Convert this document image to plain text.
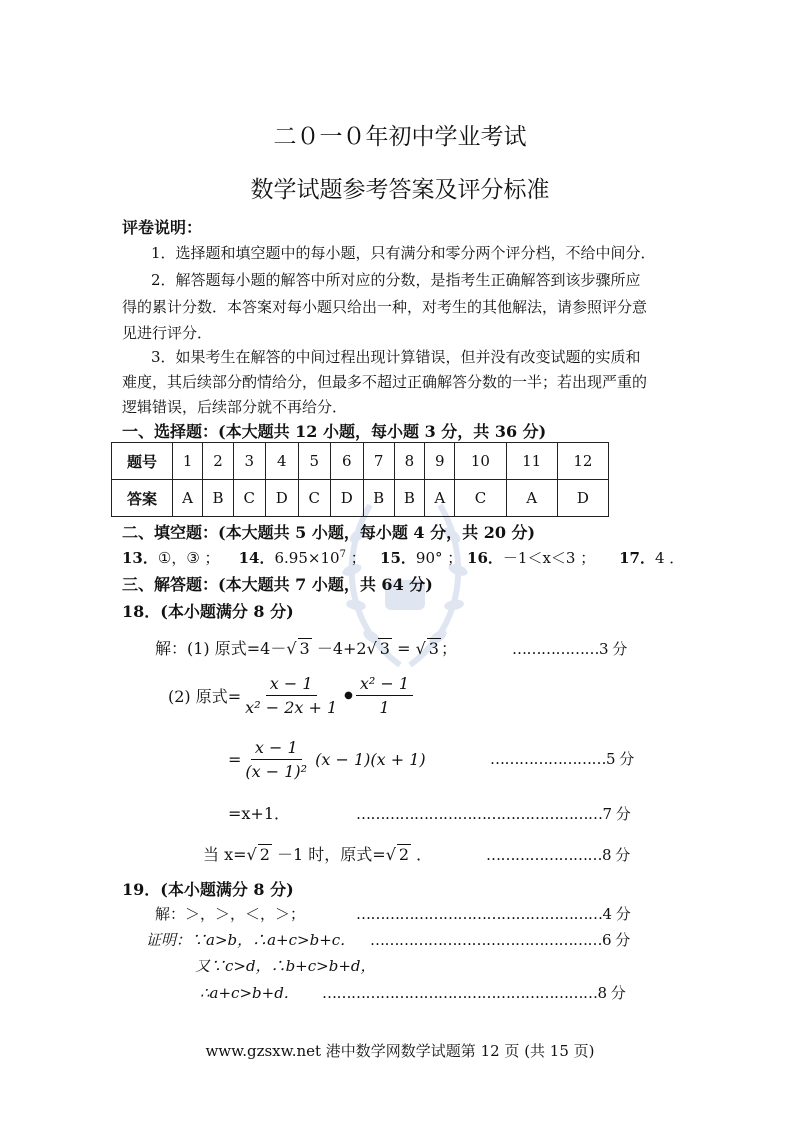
二０一０年初中学业考试
数学试题参考答案及评分标准
评卷说明：
1．选择题和填空题中的每小题，只有满分和零分两个评分档，不给中间分．
2．解答题每小题的解答中所对应的分数，是指考生正确解答到该步骤所应
得的累计分数．本答案对每小题只给出一种，对考生的其他解法，请参照评分意
见进行评分．
3．如果考生在解答的中间过程出现计算错误，但并没有改变试题的实质和
难度，其后续部分酌情给分，但最多不超过正确解答分数的一半；若出现严重的
逻辑错误，后续部分就不再给分．
一、选择题：(本大题共 12 小题，每小题 3 分，共 36 分)
题号	1	2	3	4	5	6	7	8	9	10	11	12
答案	A	B	C	D	C	D	B	B	A	C	A	D
二、填空题：(本大题共 5 小题，每小题 4 分，共 20 分)
13．①，③ ； 14．$6.95\times 10^7$ ； 15．90° ； 16．－1＜x＜3 ； 17．4 ．
三、解答题：(本大题共 7 小题，共 64 分)
18．(本小题满分 8 分)
解：(1) 原式=4－√ 3 －4+2√ 3 = √ 3 ；	………………3 分
(2) 原式= $\frac{x - 1}{\text{x² − 2x + 1}}$ ● $\frac{\text{x² − 1}}{1}$
= $\frac{x - 1}{\text{(x − 1)²}} (x - 1)(x + 1)$	……………………5 分
=x+1．	……………………………………………7 分
当 x=√ 2 －1 时，原式=√ 2 ．	……………………8 分
19．(本小题满分 8 分)
解：＞，＞，＜，＞；	……………………………………………4 分
证明：∵a>b，∴a+c>b+c． …………………………………………6 分
又∵c>d，∴b+c>b+d，
∴a+c>b+d． …………………………………………………8 分
www.gzsxw.net 港中数学网数学试题第 12 页 (共 15 页)
